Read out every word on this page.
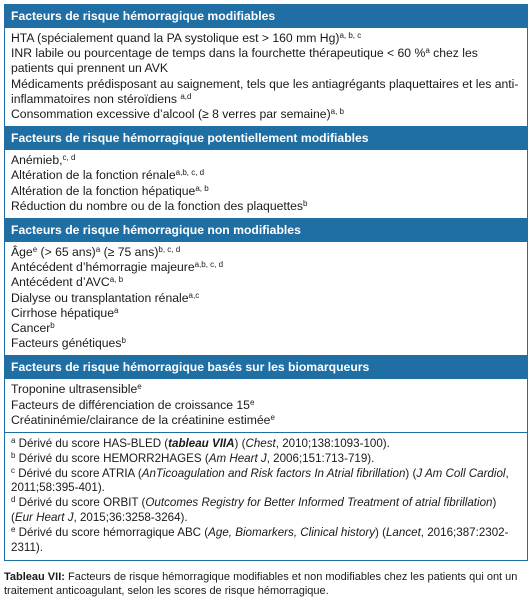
Facteurs de risque hémorragique modifiables
HTA (spécialement quand la PA systolique est > 160 mm Hg)$^{a, b, c}$
INR labile ou pourcentage de temps dans la fourchette thérapeutique < 60 %$^a$ chez les patients qui prennent un AVK
Médicaments prédisposant au saignement, tels que les antiagrégants plaquettaires et les anti-inflammatoires non stéroïdiens $^{a,d}$
Consommation excessive d’alcool (≥ 8 verres par semaine)$^{a, b}$
Facteurs de risque hémorragique potentiellement modifiables
Anémieb,$^{c, d}$
Altération de la fonction rénale$^{a,b, c, d}$
Altération de la fonction hépatique$^{a, b}$
Réduction du nombre ou de la fonction des plaquettes$^b$
Facteurs de risque hémorragique non modifiables
Âge$^e$ (> 65 ans)$^a$ (≥ 75 ans)$^{b, c, d}$
Antécédent d’hémorragie majeure$^{a,b, c, d}$
Antécédent d’AVC$^{a, b}$
Dialyse ou transplantation rénale$^{a,c}$
Cirrhose hépatique$^a$
Cancer$^b$
Facteurs génétiques$^b$
Facteurs de risque hémorragique basés sur les biomarqueurs
Troponine ultrasensible$^e$
Facteurs de différenciation de croissance 15e
Créatininémie/clairance de la créatinine estimée$^e$
$^a$ Dérivé du score HAS-BLED (tableau VIIA) (Chest, 2010;138:1093-100).
$^b$ Dérivé du score HEMORR2HAGES (Am Heart J, 2006;151:713-719).
$^c$ Dérivé du score ATRIA (AnTicoagulation and Risk factors In Atrial fibrillation) (J Am Coll Cardiol, 2011;58:395-401).
$^d$ Dérivé du score ORBIT (Outcomes Registry for Better Informed Treatment of atrial fibrillation) (Eur Heart J, 2015;36:3258-3264).
$^e$ Dérivé du score hémorragique ABC (Age, Biomarkers, Clinical history) (Lancet, 2016;387:2302-2311).
Tableau VII: Facteurs de risque hémorragique modifiables et non modifiables chez les patients qui ont un traitement anticoagulant, selon les scores de risque hémorragique.
